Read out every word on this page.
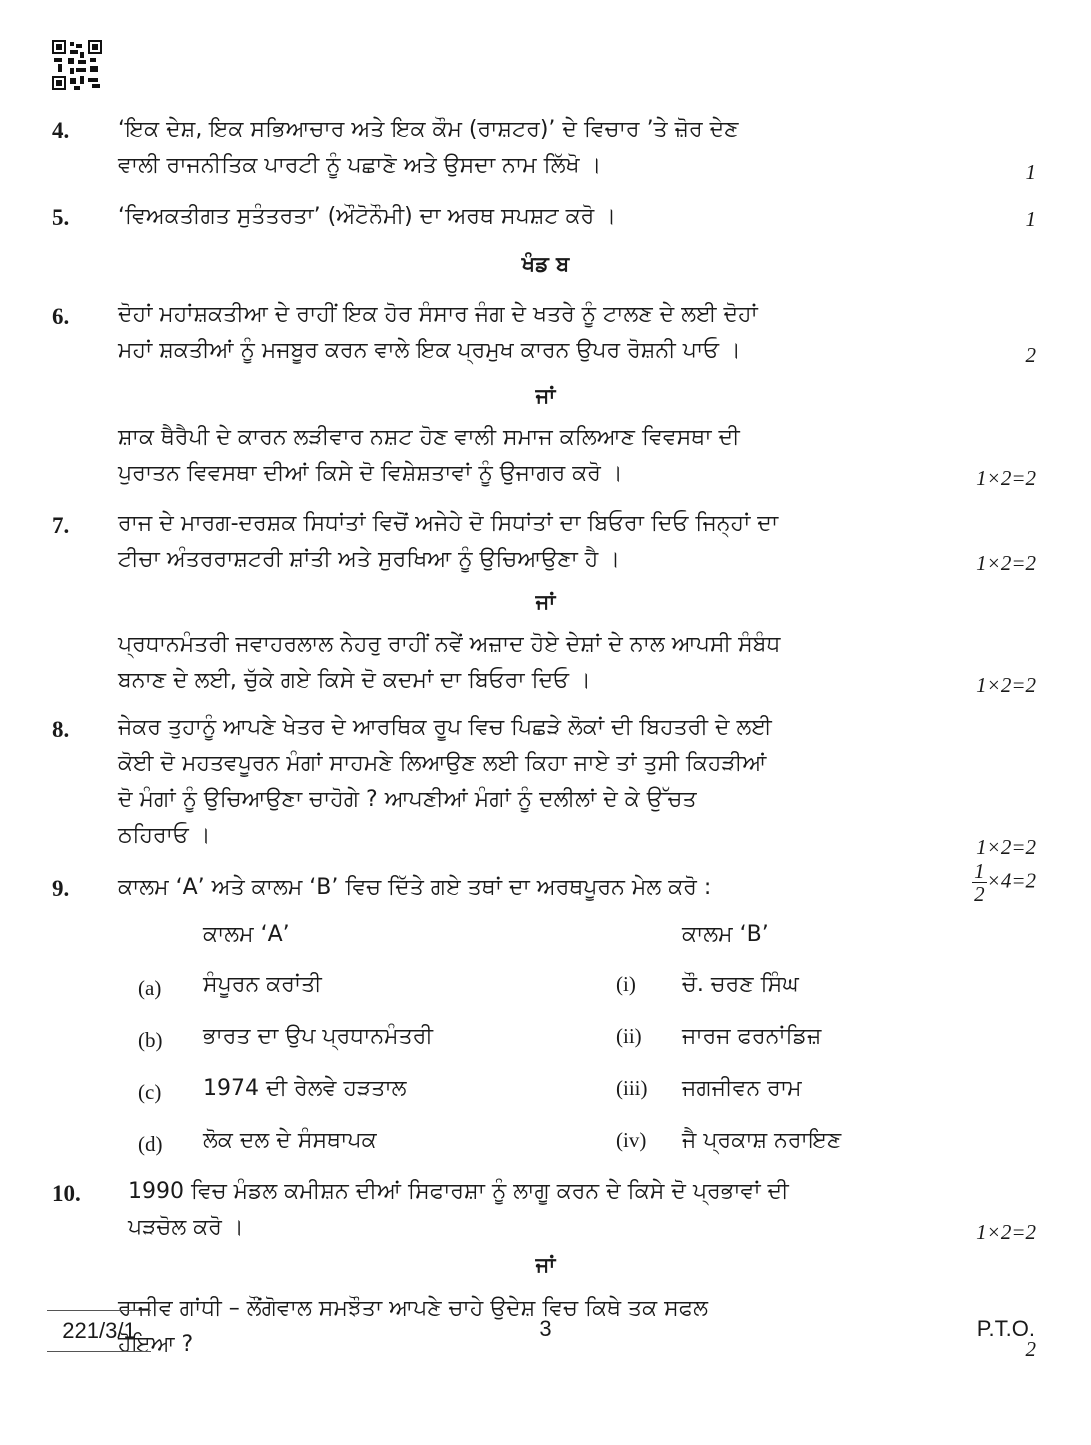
4. ‘ਇਕ ਦੇਸ਼, ਇਕ ਸਭਿਆਚਾਰ ਅਤੇ ਇਕ ਕੌਮ (ਰਾਸ਼ਟਰ)’ ਦੇ ਵਿਚਾਰ ’ਤੇ ਜ਼ੋਰ ਦੇਣ
ਵਾਲੀ ਰਾਜਨੀਤਿਕ ਪਾਰਟੀ ਨੂੰ ਪਛਾਣੋ ਅਤੇ ਉਸਦਾ ਨਾਮ ਲਿੱਖੋ ।	1
5. ‘ਵਿਅਕਤੀਗਤ ਸੁਤੰਤਰਤਾ’ (ਔਟੋਨੌਮੀ) ਦਾ ਅਰਥ ਸਪਸ਼ਟ ਕਰੋ ।	1
ਖੰਡ ਬ
6. ਦੋਹਾਂ ਮਹਾਂਸ਼ਕਤੀਆ ਦੇ ਰਾਹੀਂ ਇਕ ਹੋਰ ਸੰਸਾਰ ਜੰਗ ਦੇ ਖਤਰੇ ਨੂੰ ਟਾਲਣ ਦੇ ਲਈ ਦੋਹਾਂ
ਮਹਾਂ ਸ਼ਕਤੀਆਂ ਨੂੰ ਮਜਬੂਰ ਕਰਨ ਵਾਲੇ ਇਕ ਪ੍ਰਮੁਖ ਕਾਰਨ ਉਪਰ ਰੋਸ਼ਨੀ ਪਾਓ ।	2
ਜਾਂ
ਸ਼ਾਕ ਥੈਰੈਪੀ ਦੇ ਕਾਰਨ ਲੜੀਵਾਰ ਨਸ਼ਟ ਹੋਣ ਵਾਲੀ ਸਮਾਜ ਕਲਿਆਣ ਵਿਵਸਥਾ ਦੀ
ਪੁਰਾਤਨ ਵਿਵਸਥਾ ਦੀਆਂ ਕਿਸੇ ਦੋ ਵਿਸ਼ੇਸ਼ਤਾਵਾਂ ਨੂੰ ਉਜਾਗਰ ਕਰੋ ।	1×2=2
7. ਰਾਜ ਦੇ ਮਾਰਗ-ਦਰਸ਼ਕ ਸਿਧਾਂਤਾਂ ਵਿਚੋਂ ਅਜੇਹੇ ਦੋ ਸਿਧਾਂਤਾਂ ਦਾ ਬਿਓਰਾ ਦਿਓ ਜਿਨ੍ਹਾਂ ਦਾ
ਟੀਚਾ ਅੰਤਰਰਾਸ਼ਟਰੀ ਸ਼ਾਂਤੀ ਅਤੇ ਸੁਰਖਿਆ ਨੂੰ ਉਚਿਆਉਣਾ ਹੈ ।	1×2=2
ਜਾਂ
ਪ੍ਰਧਾਨਮੰਤਰੀ ਜਵਾਹਰਲਾਲ ਨੇਹਰੁ ਰਾਹੀਂ ਨਵੇਂ ਅਜ਼ਾਦ ਹੋਏ ਦੇਸ਼ਾਂ ਦੇ ਨਾਲ ਆਪਸੀ ਸੰਬੰਧ
ਬਨਾਣ ਦੇ ਲਈ, ਚੁੱਕੇ ਗਏ ਕਿਸੇ ਦੋ ਕਦਮਾਂ ਦਾ ਬਿਓਰਾ ਦਿਓ ।	1×2=2
8. ਜੇਕਰ ਤੁਹਾਨੂੰ ਆਪਣੇ ਖੇਤਰ ਦੇ ਆਰਥਿਕ ਰੂਪ ਵਿਚ ਪਿਛੜੇ ਲੋਕਾਂ ਦੀ ਬਿਹਤਰੀ ਦੇ ਲਈ
ਕੋਈ ਦੋ ਮਹਤਵਪੂਰਨ ਮੰਗਾਂ ਸਾਹਮਣੇ ਲਿਆਉਣ ਲਈ ਕਿਹਾ ਜਾਏ ਤਾਂ ਤੁਸੀ ਕਿਹੜੀਆਂ
ਦੋ ਮੰਗਾਂ ਨੂੰ ਉਚਿਆਉਣਾ ਚਾਹੋਗੇ ? ਆਪਣੀਆਂ ਮੰਗਾਂ ਨੂੰ ਦਲੀਲਾਂ ਦੇ ਕੇ ਉੱਚਤ
ਠਹਿਰਾਓ ।	1×2=2
9. ਕਾਲਮ ‘A’ ਅਤੇ ਕਾਲਮ ‘B’ ਵਿਚ ਦਿੱਤੇ ਗਏ ਤਥਾਂ ਦਾ ਅਰਥਪੂਰਨ ਮੇਲ ਕਰੋ :	$\frac{1}{2}\times 4=2$
ਕਾਲਮ ‘A’	ਕਾਲਮ ‘B’
(a) ਸੰਪੂਰਨ ਕਰਾਂਤੀ	(i) ਚੌ. ਚਰਣ ਸਿੰਘ
(b) ਭਾਰਤ ਦਾ ਉਪ ਪ੍ਰਧਾਨਮੰਤਰੀ	(ii) ਜਾਰਜ ਫਰਨਾਂਡਿਜ਼
(c) 1974 ਦੀ ਰੇਲਵੇ ਹੜਤਾਲ	(iii) ਜਗਜੀਵਨ ਰਾਮ
(d) ਲੋਕ ਦਲ ਦੇ ਸੰਸਥਾਪਕ	(iv) ਜੈ ਪ੍ਰਕਾਸ਼ ਨਰਾਇਣ
10. 1990 ਵਿਚ ਮੰਡਲ ਕਮੀਸ਼ਨ ਦੀਆਂ ਸਿਫਾਰਸ਼ਾ ਨੂੰ ਲਾਗੂ ਕਰਨ ਦੇ ਕਿਸੇ ਦੋ ਪ੍ਰਭਾਵਾਂ ਦੀ
ਪੜਚੋਲ ਕਰੋ ।	1×2=2
ਜਾਂ
ਰਾਜੀਵ ਗਾਂਧੀ – ਲੌਂਗੋਵਾਲ ਸਮਝੌਤਾ ਆਪਣੇ ਚਾਹੇ ਉਦੇਸ਼ ਵਿਚ ਕਿਥੇ ਤਕ ਸਫਲ
ਹੋਇਆ ?	2
221/3/1	3	P.T.O.
